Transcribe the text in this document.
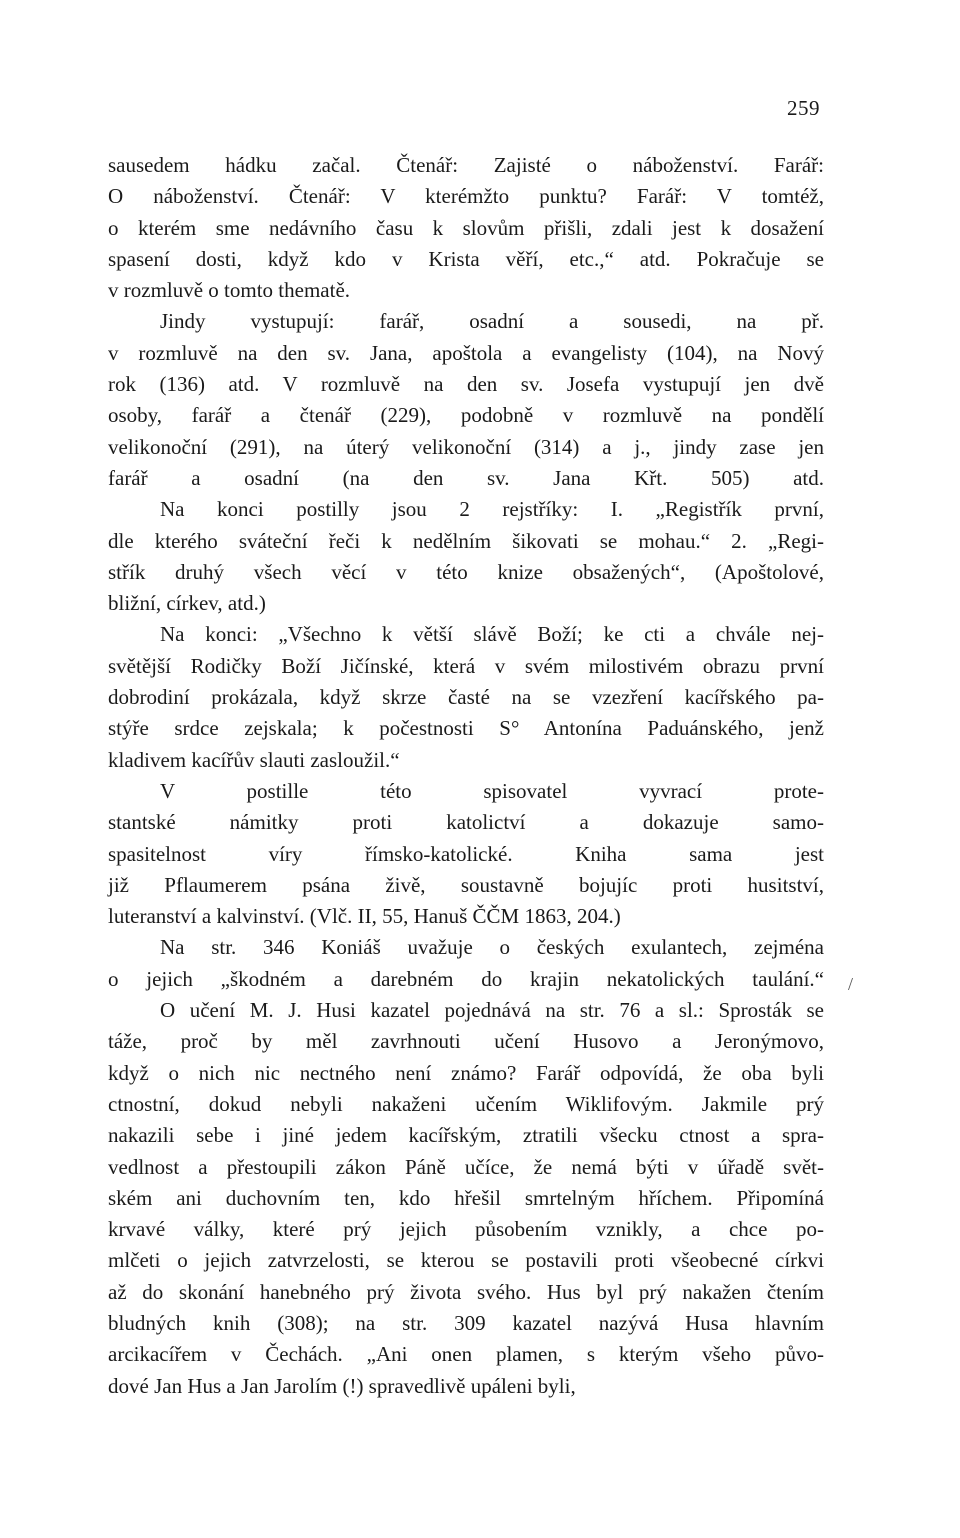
259
sausedem hádku začal. Čtenář: Zajisté o náboženství. Farář:
O náboženství. Čtenář: V kterémžto punktu? Farář: V tomtéž,
o kterém sme nedávního času k slovům přišli, zdali jest k dosažení
spasení dosti, když kdo v Krista věří, etc.,“ atd. Pokračuje se
v rozmluvě o tomto thematě.
Jindy vystupují: farář, osadní a sousedi, na př.
v rozmluvě na den sv. Jana, apoštola a evangelisty (104), na Nový
rok (136) atd. V rozmluvě na den sv. Josefa vystupují jen dvě
osoby, farář a čtenář (229), podobně v rozmluvě na pondělí
velikonoční (291), na úterý velikonoční (314) a j., jindy zase jen
farář a osadní (na den sv. Jana Křt. 505) atd.
Na konci postilly jsou 2 rejstříky: I. „Registřík první,
dle kterého sváteční řeči k nedělním šikovati se mohau.“ 2. „Regi-
střík druhý všech věcí v této knize obsažených“, (Apoštolové,
bližní, církev, atd.)
Na konci: „Všechno k větší slávě Boží; ke cti a chvále nej-
světější Rodičky Boží Jičínské, která v svém milostivém obrazu první
dobrodiní prokázala, když skrze časté na se vzezření kacířského pa-
stýře srdce zejskala; k počestnosti S° Antonína Paduánského, jenž
kladivem kacířův slauti zasloužil.“
V postille této spisovatel vyvrací prote-
stantské námitky proti katolictví a dokazuje samo-
spasitelnost víry římsko-katolické. Kniha sama jest
již Pflaumerem psána živě, soustavně bojujíc proti husitství,
luteranství a kalvinství. (Vlč. II, 55, Hanuš ČČM 1863, 204.)
Na str. 346 Koniáš uvažuje o českých exulantech, zejména
o jejich „škodném a darebném do krajin nekatolických taulání.“
O učení M. J. Husi kazatel pojednává na str. 76 a sl.: Sprosták se
táže, proč by měl zavrhnouti učení Husovo a Jeronýmovo,
když o nich nic nectného není známo? Farář odpovídá, že oba byli
ctnostní, dokud nebyli nakaženi učením Wiklifovým. Jakmile prý
nakazili sebe i jiné jedem kacířským, ztratili všecku ctnost a spra-
vedlnost a přestoupili zákon Páně učíce, že nemá býti v úřadě svět-
ském ani duchovním ten, kdo hřešil smrtelným hříchem. Připomíná
krvavé války, které prý jejich působením vznikly, a chce po-
mlčeti o jejich zatvrzelosti, se kterou se postavili proti všeobecné církvi
až do skonání hanebného prý života svého. Hus byl prý nakažen čtením
bludných knih (308); na str. 309 kazatel nazývá Husa hlavním
arcikacířem v Čechách. „Ani onen plamen, s kterým všeho půvo-
dové Jan Hus a Jan Jarolím (!) spravedlivě upáleni byli,
/
